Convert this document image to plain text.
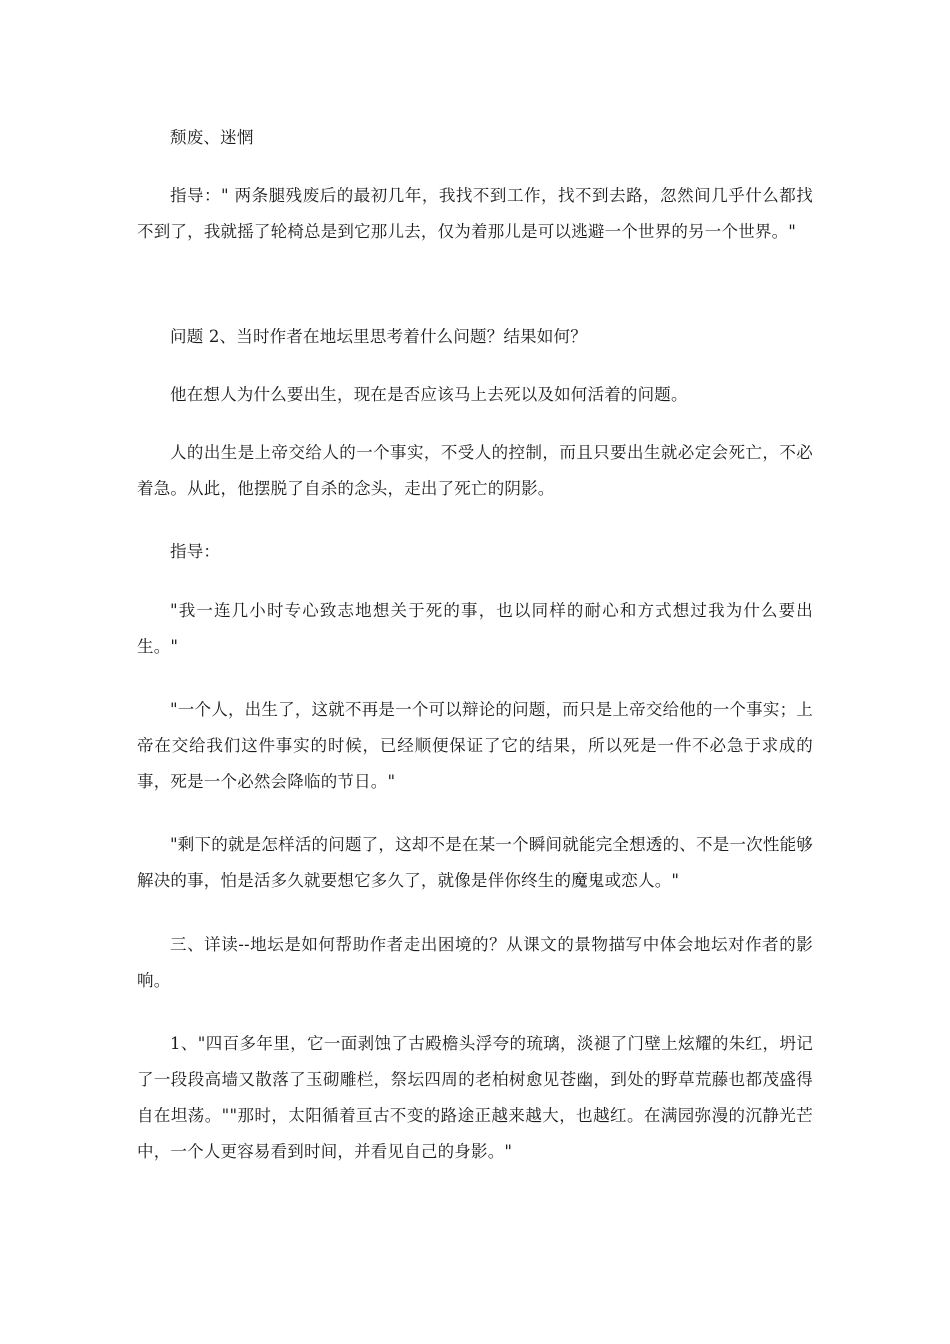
颓废、迷惘

指导：" 两条腿残废后的最初几年，我找不到工作，找不到去路，忽然间几乎什么都找不到了，我就摇了轮椅总是到它那儿去，仅为着那儿是可以逃避一个世界的另一个世界。"

问题 2、当时作者在地坛里思考着什么问题？结果如何？

他在想人为什么要出生，现在是否应该马上去死以及如何活着的问题。

人的出生是上帝交给人的一个事实，不受人的控制，而且只要出生就必定会死亡，不必着急。从此，他摆脱了自杀的念头，走出了死亡的阴影。

指导：

"我一连几小时专心致志地想关于死的事，也以同样的耐心和方式想过我为什么要出生。"

"一个人，出生了，这就不再是一个可以辩论的问题，而只是上帝交给他的一个事实；上帝在交给我们这件事实的时候，已经顺便保证了它的结果，所以死是一件不必急于求成的事，死是一个必然会降临的节日。"

"剩下的就是怎样活的问题了，这却不是在某一个瞬间就能完全想透的、不是一次性能够解决的事，怕是活多久就要想它多久了，就像是伴你终生的魔鬼或恋人。"

三、详读--地坛是如何帮助作者走出困境的？从课文的景物描写中体会地坛对作者的影响。

1、"四百多年里，它一面剥蚀了古殿檐头浮夸的琉璃，淡褪了门壁上炫耀的朱红，坍记了一段段高墙又散落了玉砌雕栏，祭坛四周的老柏树愈见苍幽，到处的野草荒藤也都茂盛得自在坦荡。""那时，太阳循着亘古不变的路途正越来越大，也越红。在满园弥漫的沉静光芒中，一个人更容易看到时间，并看见自己的身影。"
